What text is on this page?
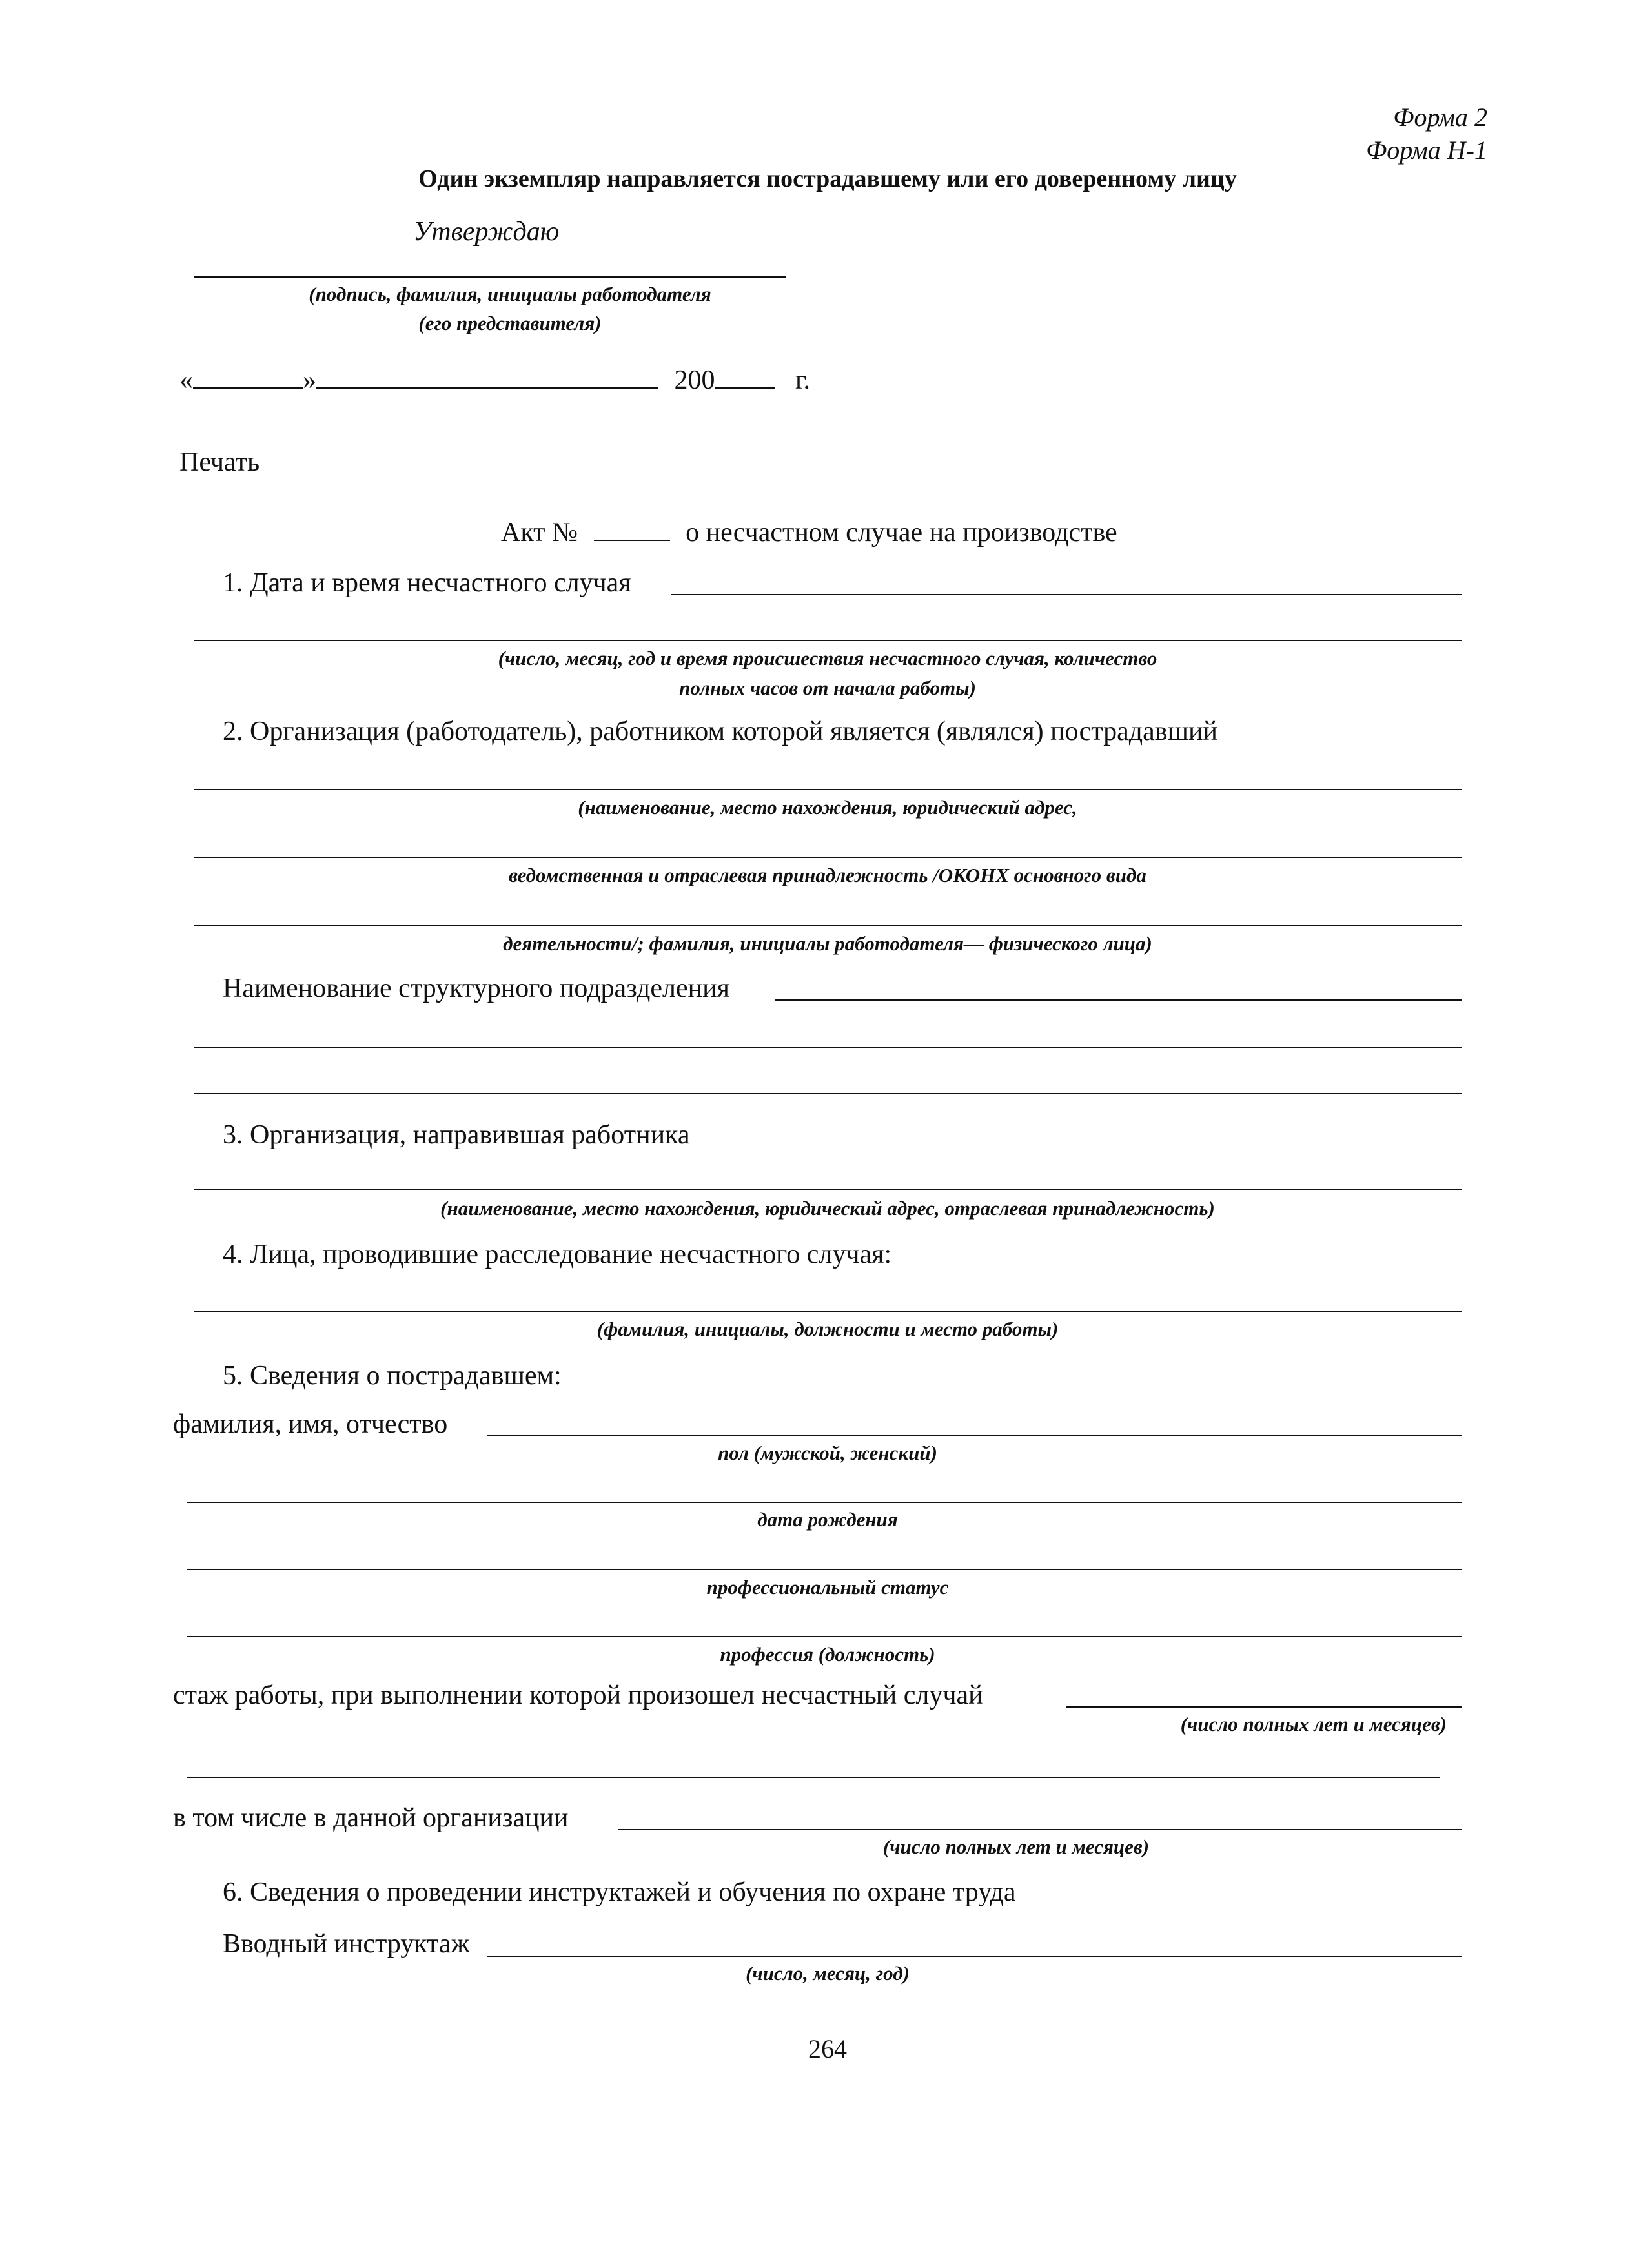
Форма 2
Форма Н-1
Один экземпляр направляется пострадавшему или его доверенному лицу
Утверждаю
(подпись, фамилия, инициалы работодателя
(его представителя)
«	»	200	г.
Печать
Акт №	о несчастном случае на производстве
1. Дата и время несчастного случая
(число, месяц, год и время происшествия несчастного случая, количество
полных часов от начала работы)
2. Организация (работодатель), работником которой является (являлся) пострадавший
(наименование, место нахождения, юридический адрес,
ведомственная и отраслевая принадлежность /ОКОНХ основного вида
деятельности/; фамилия, инициалы работодателя— физического лица)
Наименование структурного подразделения
3. Организация, направившая работника
(наименование, место нахождения, юридический адрес, отраслевая принадлежность)
4. Лица, проводившие расследование несчастного случая:
(фамилия, инициалы, должности и место работы)
5. Сведения о пострадавшем:
фамилия, имя, отчество
пол (мужской, женский)
дата рождения
профессиональный статус
профессия (должность)
стаж работы, при выполнении которой произошел несчастный случай
(число полных лет и месяцев)
в том числе в данной организации
(число полных лет и месяцев)
6. Сведения о проведении инструктажей и обучения по охране труда
Вводный инструктаж
(число, месяц, год)
264
